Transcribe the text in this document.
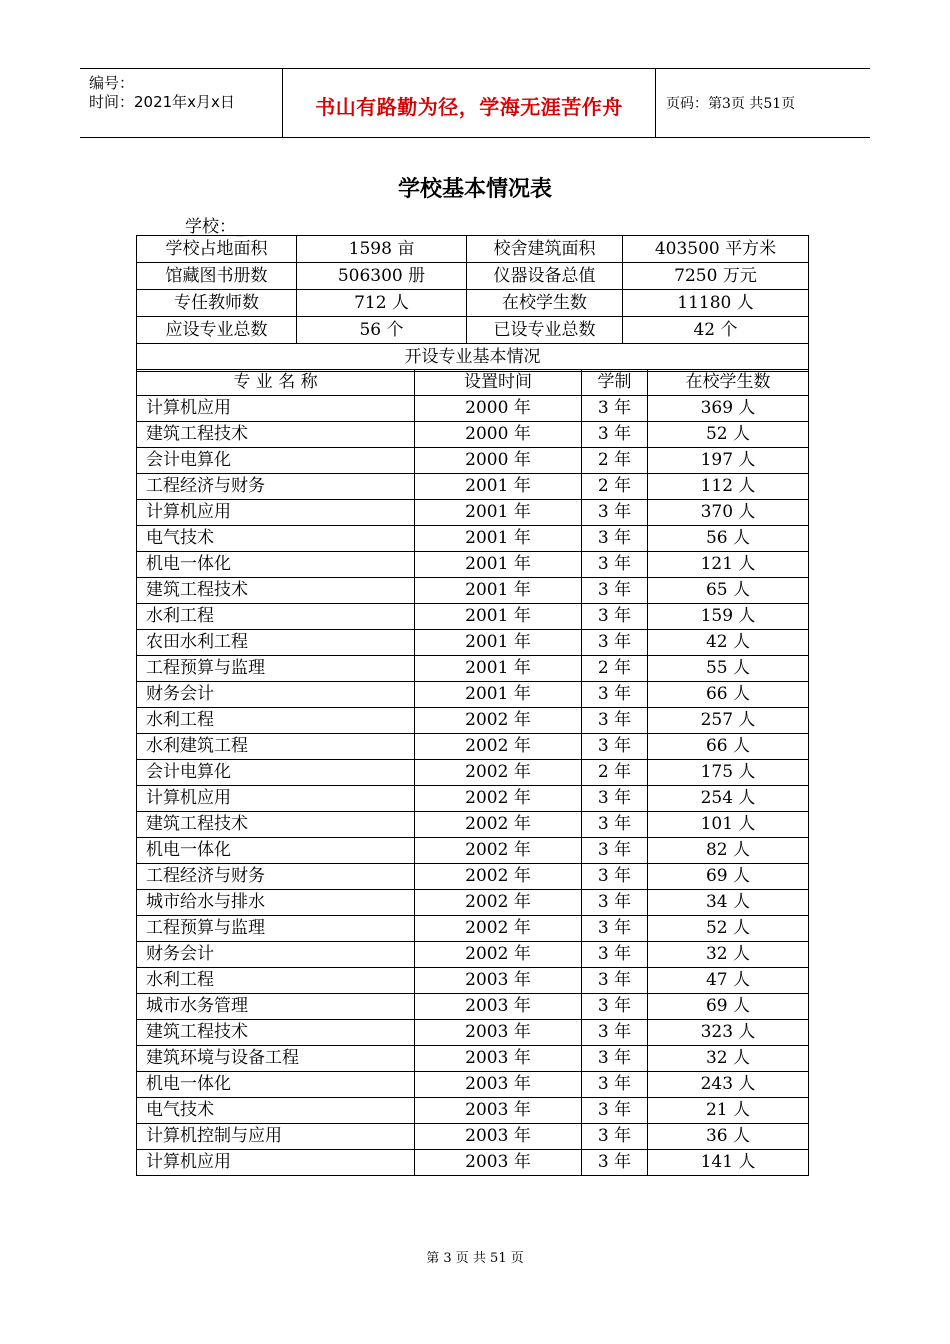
编号：
时间：2021年x月x日	书山有路勤为径，学海无涯苦作舟	页码：第3页 共51页
学校基本情况表
学校：_
学校占地面积	1598 亩	校舍建筑面积	403500 平方米
馆藏图书册数	506300 册	仪器设备总值	7250 万元
专任教师数	712 人	在校学生数	11180 人
应设专业总数	56 个	已设专业总数	42 个
开设专业基本情况			
专 业 名 称	设置时间	学制	在校学生数
计算机应用	2000 年	3 年	369 人
建筑工程技术	2000 年	3 年	52 人
会计电算化	2000 年	2 年	197 人
工程经济与财务	2001 年	2 年	112 人
计算机应用	2001 年	3 年	370 人
电气技术	2001 年	3 年	56 人
机电一体化	2001 年	3 年	121 人
建筑工程技术	2001 年	3 年	65 人
水利工程	2001 年	3 年	159 人
农田水利工程	2001 年	3 年	42 人
工程预算与监理	2001 年	2 年	55 人
财务会计	2001 年	3 年	66 人
水利工程	2002 年	3 年	257 人
水利建筑工程	2002 年	3 年	66 人
会计电算化	2002 年	2 年	175 人
计算机应用	2002 年	3 年	254 人
建筑工程技术	2002 年	3 年	101 人
机电一体化	2002 年	3 年	82 人
工程经济与财务	2002 年	3 年	69 人
城市给水与排水	2002 年	3 年	34 人
工程预算与监理	2002 年	3 年	52 人
财务会计	2002 年	3 年	32 人
水利工程	2003 年	3 年	47 人
城市水务管理	2003 年	3 年	69 人
建筑工程技术	2003 年	3 年	323 人
建筑环境与设备工程	2003 年	3 年	32 人
机电一体化	2003 年	3 年	243 人
电气技术	2003 年	3 年	21 人
计算机控制与应用	2003 年	3 年	36 人
计算机应用	2003 年	3 年	141 人
第 3 页 共 51 页
